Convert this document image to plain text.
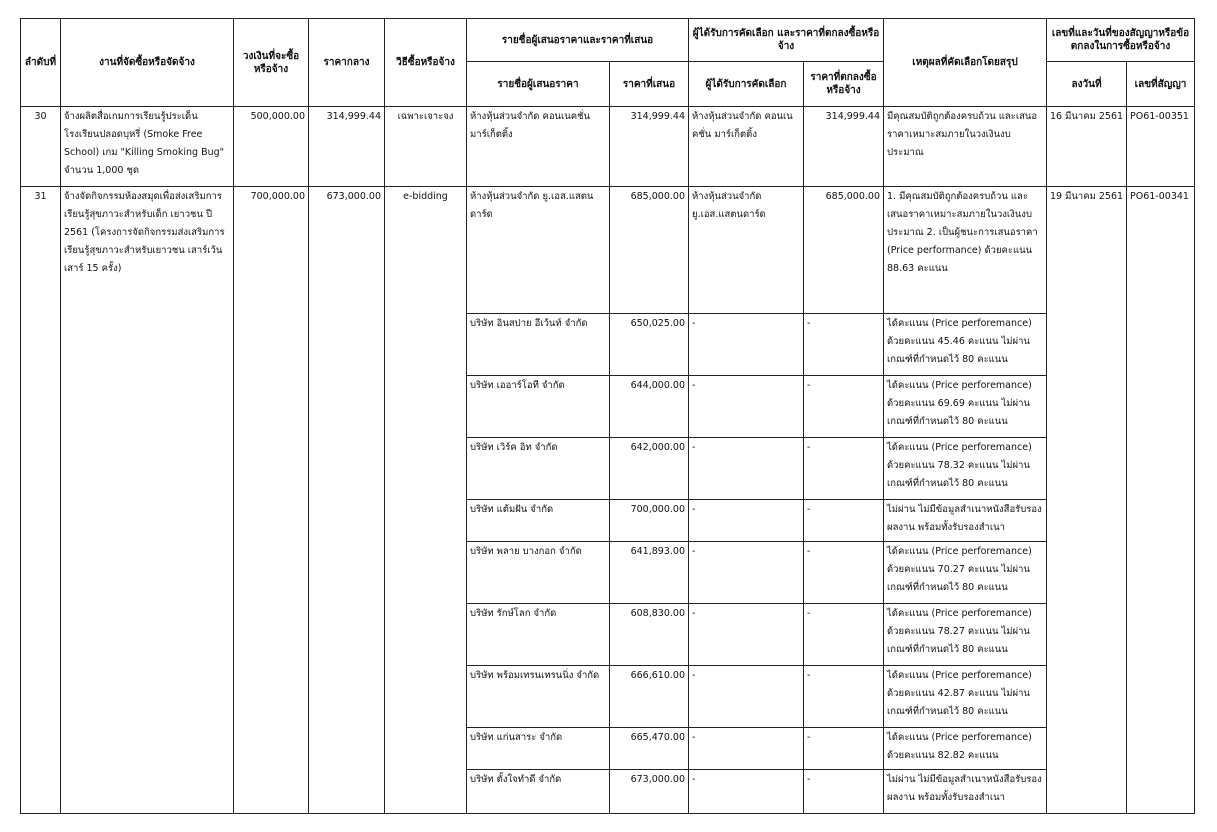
ลำดับที่	งานที่จัดซื้อหรือจัดจ้าง	วงเงินที่จะซื้อหรือจ้าง	ราคากลาง	วิธีซื้อหรือจ้าง	รายชื่อผู้เสนอราคาและราคาที่เสนอ		ผู้ได้รับการคัดเลือก และราคาที่ตกลงซื้อหรือจ้าง		เหตุผลที่คัดเลือกโดยสรุป	เลขที่และวันที่ของสัญญาหรือข้อตกลงในการซื้อหรือจ้าง	
					รายชื่อผู้เสนอราคา	ราคาที่เสนอ	ผู้ได้รับการคัดเลือก	ราคาที่ตกลงซื้อหรือจ้าง		ลงวันที่	เลขที่สัญญา
30	จ้างผลิตสื่อเกมการเรียนรู้ประเด็นโรงเรียนปลอดบุหรี่ (Smoke Free School) เกม "Killing Smoking Bug" จำนวน 1,000 ชุด	500,000.00	314,999.44	เฉพาะเจาะจง	ห้างหุ้นส่วนจำกัด คอนเนคชั่น มาร์เก็ตติ้ง	314,999.44	ห้างหุ้นส่วนจำกัด คอนเนคชั่น มาร์เก็ตติ้ง	314,999.44	มีคุณสมบัติถูกต้องครบถ้วน และเสนอราคาเหมาะสมภายในวงเงินงบประมาณ	16 มีนาคม 2561	PO61-00351
31	จ้างจัดกิจกรรมห้องสมุดเพื่อส่งเสริมการเรียนรู้สุขภาวะสำหรับเด็ก เยาวชน ปี 2561 (โครงการจัดกิจกรรมส่งเสริมการเรียนรู้สุขภาวะสำหรับเยาวชน เสาร์เว้นเสาร์ 15 ครั้ง)	700,000.00	673,000.00	e-bidding	ห้างหุ้นส่วนจำกัด ยู.เอส.แสตนดาร์ด	685,000.00	ห้างหุ้นส่วนจำกัด ยู.เอส.แสตนดาร์ด	685,000.00	1. มีคุณสมบัติถูกต้องครบถ้วน และเสนอราคาเหมาะสมภายในวงเงินงบประมาณ 2. เป็นผู้ชนะการเสนอราคา (Price performance) ด้วยคะแนน 88.63 คะแนน	19 มีนาคม 2561	PO61-00341
					บริษัท อินสปาย อีเว้นท์ จำกัด	650,025.00	-	-	ได้คะแนน (Price perforemance) ด้วยคะแนน 45.46 คะแนน ไม่ผ่านเกณฑ์ที่กำหนดไว้ 80 คะแนน		
					บริษัท เออาร์โอที จำกัด	644,000.00	-	-	ได้คะแนน (Price perforemance) ด้วยคะแนน 69.69 คะแนน ไม่ผ่านเกณฑ์ที่กำหนดไว้ 80 คะแนน		
					บริษัท เวิร์ค อิท จำกัด	642,000.00	-	-	ได้คะแนน (Price perforemance) ด้วยคะแนน 78.32 คะแนน ไม่ผ่านเกณฑ์ที่กำหนดไว้ 80 คะแนน		
					บริษัท แต้มฝัน จำกัด	700,000.00	-	-	ไม่ผ่าน ไม่มีข้อมูลสำเนาหนังสือรับรองผลงาน พร้อมทั้งรับรองสำเนา		
					บริษัท พลาย บางกอก จำกัด	641,893.00	-	-	ได้คะแนน (Price perforemance) ด้วยคะแนน 70.27 คะแนน ไม่ผ่านเกณฑ์ที่กำหนดไว้ 80 คะแนน		
					บริษัท รักษ์โลก จำกัด	608,830.00	-	-	ได้คะแนน (Price perforemance) ด้วยคะแนน 78.27 คะแนน ไม่ผ่านเกณฑ์ที่กำหนดไว้ 80 คะแนน		
					บริษัท พร้อมเทรนเทรนนิ่ง จำกัด	666,610.00	-	-	ได้คะแนน (Price perforemance) ด้วยคะแนน 42.87 คะแนน ไม่ผ่านเกณฑ์ที่กำหนดไว้ 80 คะแนน		
					บริษัท แก่นสาระ จำกัด	665,470.00	-	-	ได้คะแนน (Price perforemance) ด้วยคะแนน 82.82 คะแนน		
					บริษัท ตั้งใจทำดี จำกัด	673,000.00	-	-	ไม่ผ่าน ไม่มีข้อมูลสำเนาหนังสือรับรองผลงาน พร้อมทั้งรับรองสำเนา		
